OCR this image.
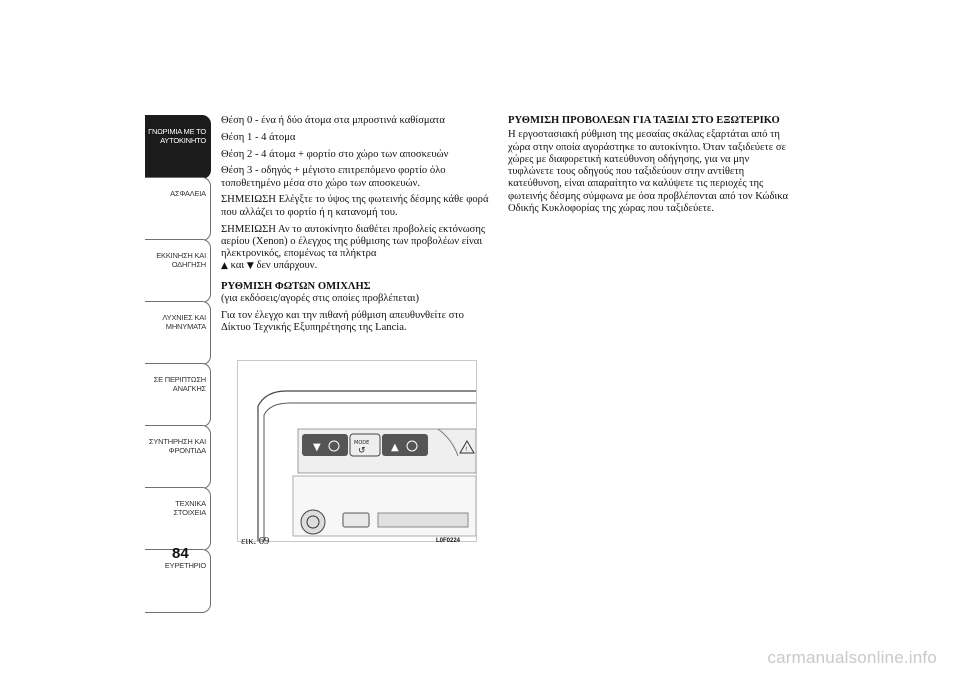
ΓΝΩΡΙΜΙΑ ΜΕ ΤΟ ΑΥΤΟΚΙΝΗΤΟ
ΑΣΦΑΛΕΙΑ
ΕΚΚΙΝΗΣΗ ΚΑΙ ΟΔΗΓΗΣΗ
ΛΥΧΝΙΕΣ ΚΑΙ ΜΗΝΥΜΑΤΑ
ΣΕ ΠΕΡΙΠΤΩΣΗ ΑΝΑΓΚΗΣ
ΣΥΝΤΗΡΗΣΗ ΚΑΙ ΦΡΟΝΤΙΔΑ
ΤΕΧΝΙΚΑ ΣΤΟΙΧΕΙΑ
ΕΥΡΕΤΗΡΙΟ
84

Θέση 0 - ένα ή δύο άτομα στα μπροστινά καθίσματα

Θέση 1 - 4 άτομα

Θέση 2 - 4 άτομα + φορτίο στο χώρο των αποσκευών

Θέση 3 - οδηγός + μέγιστο επιτρεπόμενο φορτίο όλο τοποθετημένο μέσα στο χώρο των αποσκευών.

ΣΗΜΕΙΩΣΗ Ελέγξτε το ύψος της φωτεινής δέσμης κάθε φορά που αλλάζει το φορτίο ή η κατανομή του.

ΣΗΜΕΙΩΣΗ Αν το αυτοκίνητο διαθέτει προβολείς εκτόνωσης αερίου (Xenon) ο έλεγχος της ρύθμισης των προβολέων είναι ηλεκτρονικός, επομένως τα πλήκτρα
▲ και ▼ δεν υπάρχουν.

ΡΥΘΜΙΣΗ ΦΩΤΩΝ ΟΜΙΧΛΗΣ

(για εκδόσεις/αγορές στις οποίες προβλέπεται)

Για τον έλεγχο και την πιθανή ρύθμιση απευθυνθείτε στο Δίκτυο Τεχνικής Εξυπηρέτησης της Lancia.

ΡΥΘΜΙΣΗ ΠΡΟΒΟΛΕΩΝ ΓΙΑ ΤΑΞΙΔΙ ΣΤΟ ΕΞΩΤΕΡΙΚΟ

Η εργοστασιακή ρύθμιση της μεσαίας σκάλας εξαρτάται από τη χώρα στην οποία αγοράστηκε το αυτοκίνητο. Όταν ταξιδεύετε σε χώρες με διαφορετική κατεύθυνση οδήγησης, για να μην τυφλώνετε τους οδηγούς που ταξιδεύουν στην αντίθετη κατεύθυνση, είναι απαραίτητο να καλύψετε τις περιοχές της φωτεινής δέσμης σύμφωνα με όσα προβλέπονται από τον Κώδικα Οδικής Κυκλοφορίας της χώρας που ταξιδεύετε.

▼	MODE
↺	▲	!
εικ. 69	L0F0224
carmanualsonline.info
